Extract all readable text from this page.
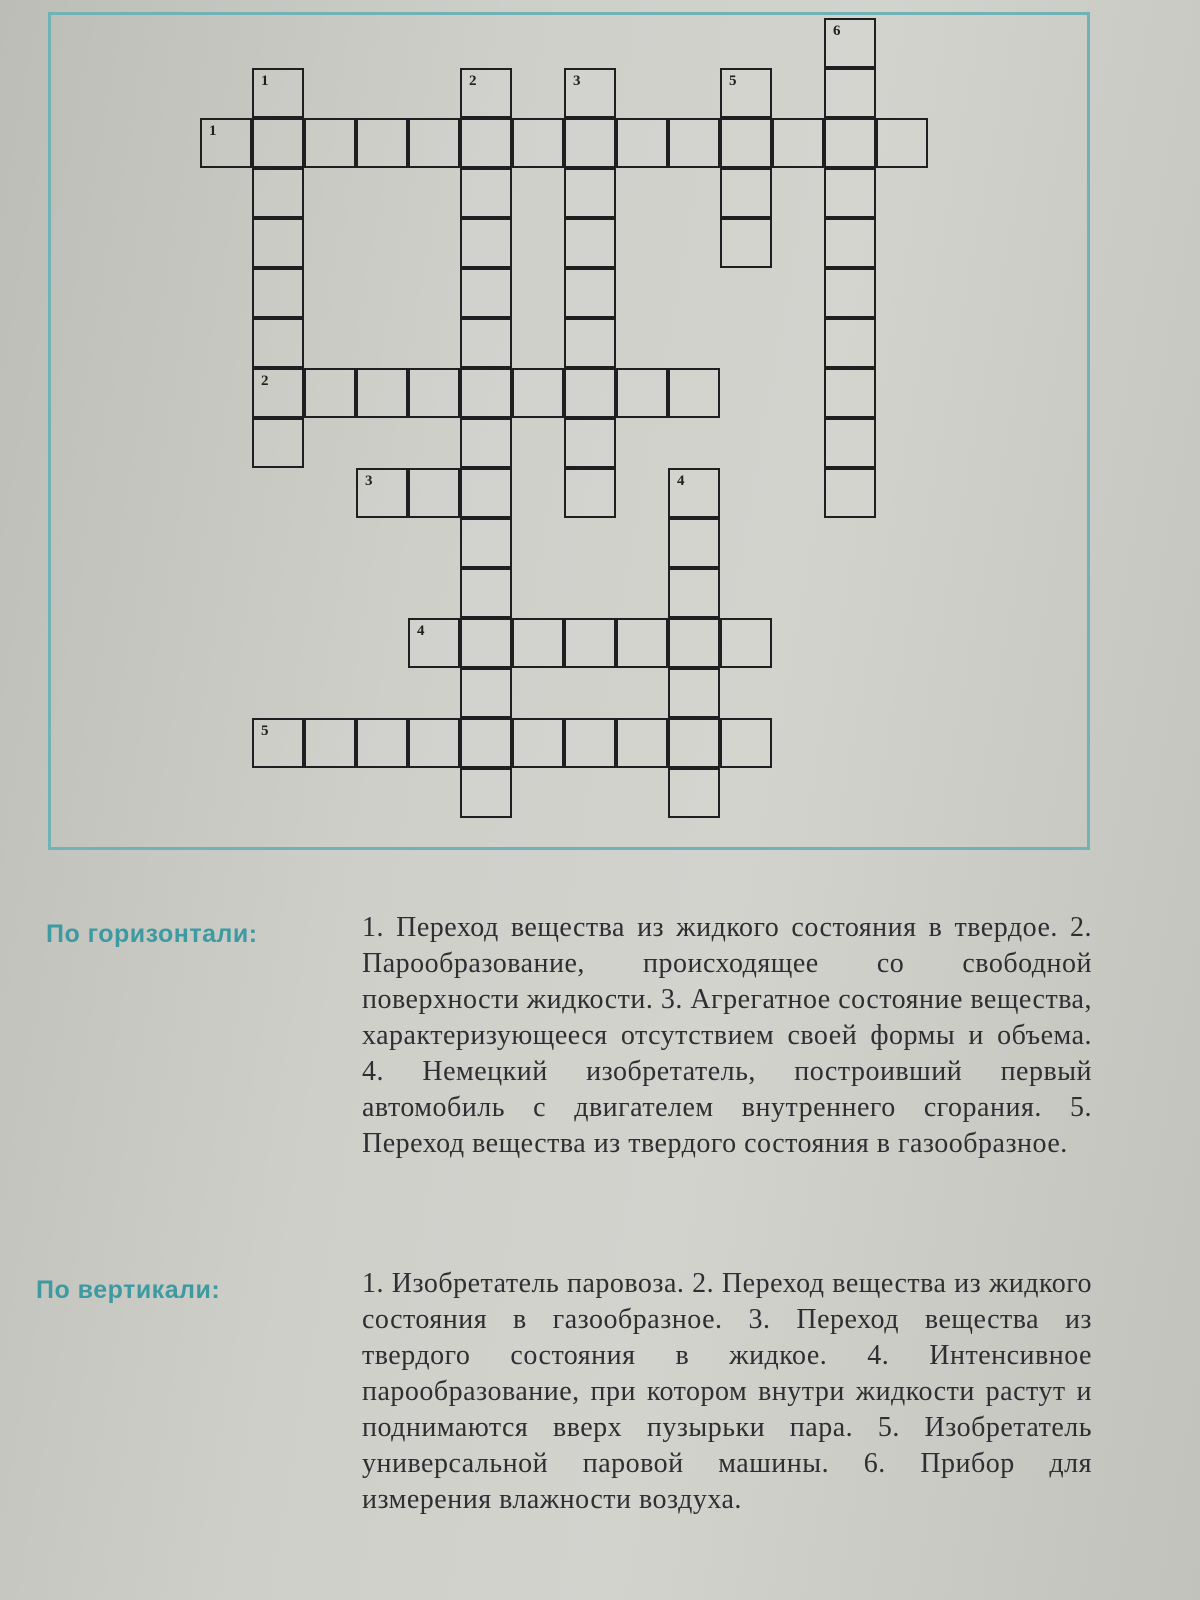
1
2
3
4
5
1	2	3
4
5
6
По горизонтали:	1. Переход вещества из жидкого состояния в твердое. 2. Парообразование, происходящее со свободной поверхности жидкости. 3. Агрегатное состояние вещества, характеризующееся отсутствием своей формы и объема. 4. Немецкий изобретатель, построивший первый автомобиль с двигателем внутреннего сгорания. 5. Переход вещества из твердого состояния в газообразное.
По вертикали:	1. Изобретатель паровоза. 2. Переход вещества из жидкого состояния в газообразное. 3. Переход вещества из твердого состояния в жидкое. 4. Интенсивное парообразование, при котором внутри жидкости растут и поднимаются вверх пузырьки пара. 5. Изобретатель универсальной паровой машины. 6. Прибор для измерения влажности воздуха.
